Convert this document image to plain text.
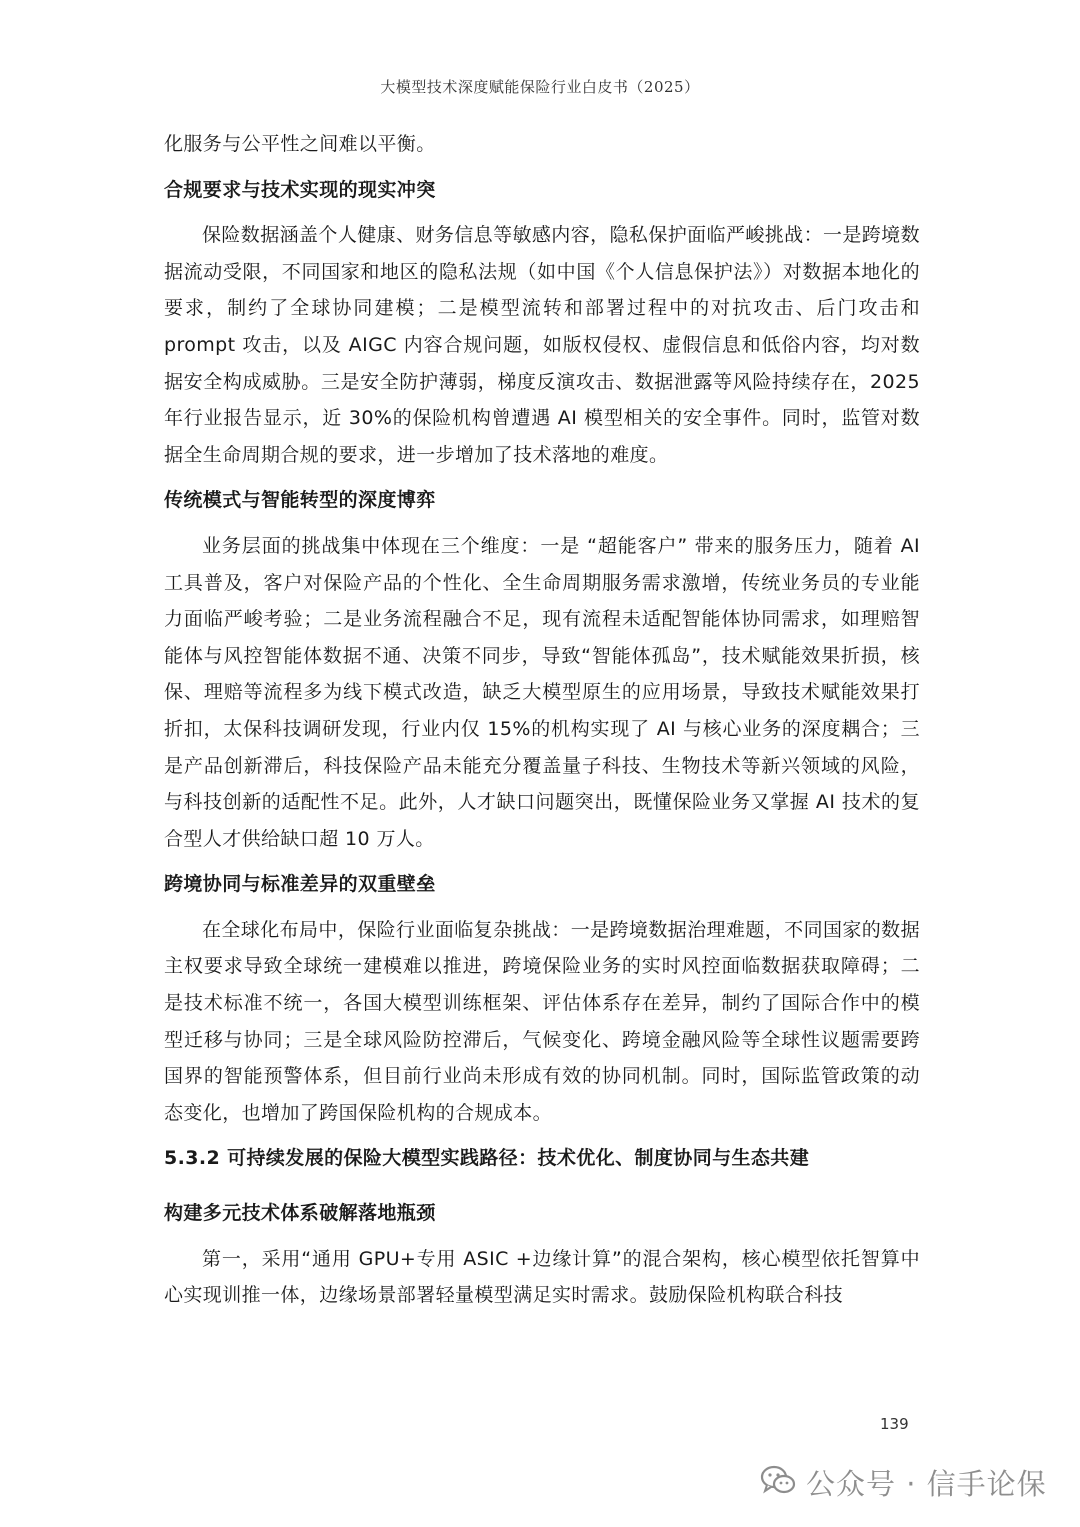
大模型技术深度赋能保险行业白皮书（2025）

化服务与公平性之间难以平衡。

合规要求与技术实现的现实冲突

保险数据涵盖个人健康、财务信息等敏感内容，隐私保护面临严峻挑战：一是跨境数据流动受限，不同国家和地区的隐私法规（如中国《个人信息保护法》）对数据本地化的要求，制约了全球协同建模；二是模型流转和部署过程中的对抗攻击、后门攻击和 prompt 攻击，以及 AIGC 内容合规问题，如版权侵权、虚假信息和低俗内容，均对数据安全构成威胁。三是安全防护薄弱，梯度反演攻击、数据泄露等风险持续存在，2025 年行业报告显示，近 30%的保险机构曾遭遇 AI 模型相关的安全事件。同时，监管对数据全生命周期合规的要求，进一步增加了技术落地的难度。

传统模式与智能转型的深度博弈

业务层面的挑战集中体现在三个维度：一是 “超能客户” 带来的服务压力，随着 AI 工具普及，客户对保险产品的个性化、全生命周期服务需求激增，传统业务员的专业能力面临严峻考验；二是业务流程融合不足，现有流程未适配智能体协同需求，如理赔智能体与风控智能体数据不通、决策不同步，导致“智能体孤岛”，技术赋能效果折损，核保、理赔等流程多为线下模式改造，缺乏大模型原生的应用场景，导致技术赋能效果打折扣，太保科技调研发现，行业内仅 15%的机构实现了 AI 与核心业务的深度耦合；三是产品创新滞后，科技保险产品未能充分覆盖量子科技、生物技术等新兴领域的风险，与科技创新的适配性不足。此外，人才缺口问题突出，既懂保险业务又掌握 AI 技术的复合型人才供给缺口超 10 万人。

跨境协同与标准差异的双重壁垒

在全球化布局中，保险行业面临复杂挑战：一是跨境数据治理难题，不同国家的数据主权要求导致全球统一建模难以推进，跨境保险业务的实时风控面临数据获取障碍；二是技术标准不统一，各国大模型训练框架、评估体系存在差异，制约了国际合作中的模型迁移与协同；三是全球风险防控滞后，气候变化、跨境金融风险等全球性议题需要跨国界的智能预警体系，但目前行业尚未形成有效的协同机制。同时，国际监管政策的动态变化，也增加了跨国保险机构的合规成本。

5.3.2 可持续发展的保险大模型实践路径：技术优化、制度协同与生态共建
构建多元技术体系破解落地瓶颈

第一，采用“通用 GPU+专用 ASIC +边缘计算”的混合架构，核心模型依托智算中心实现训推一体，边缘场景部署轻量模型满足实时需求。鼓励保险机构联合科技

139
公众号 · 信手论保
